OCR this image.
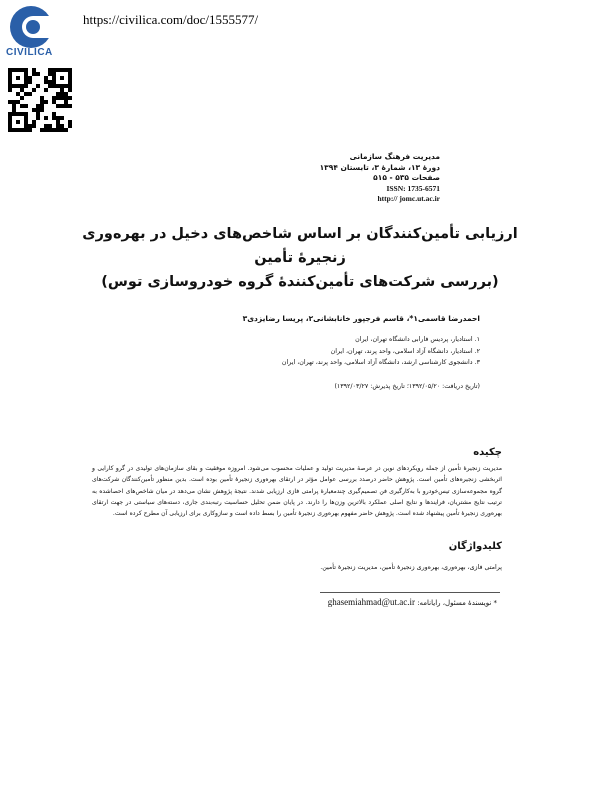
CIVILICA
https://civilica.com/doc/1555577/
مدیریت فرهنگ سازمانی
دورۀ ۱۳، شمارۀ ۳، تابستان ۱۳۹۴
صفحات ۵۳۵ - ۵۱۵
ISSN: 1735-6571
http:// jomc.ut.ac.ir
ارزیابی تأمین‌کنندگان بر اساس شاخص‌های دخیل در بهره‌وری
زنجیرۀ تأمین
(بررسی شرکت‌های تأمین‌کنندۀ گروه خودروسازی توس)
احمدرضا قاسمی۱*، قاسم فرجپور خانابشانی۲، پریسا رضایزدی۳
۱. استادیار، پردیس فارابی دانشگاه تهران، ایران
۲. استادیار، دانشگاه آزاد اسلامی، واحد پرند، تهران، ایران
۳. دانشجوی کارشناسی ارشد، دانشگاه آزاد اسلامی، واحد پرند، تهران، ایران
(تاریخ دریافت: ۱۳۹۲/۰۵/۲۰؛ تاریخ پذیرش: ۱۳۹۲/۰۳/۲۷)
چکیده
مدیریت زنجیرۀ تأمین از جمله رویکردهای نوین در عرصۀ مدیریت تولید و عملیات محسوب می‌شود. امروزه موفقیت و بقای سازمان‌های تولیدی در گرو کارایی و اثربخشی زنجیره‌های تأمین است. پژوهش حاضر درصدد بررسی عوامل مؤثر در ارتقای بهره‌وری زنجیرۀ تأمین بوده است. بدین منظور تأمین‌کنندگان شرکت‌های گروه مجموعه‌سازی تیس‌خودرو با به‌کارگیری فن تصمیم‌گیری چندمعیارۀ پرامتی فازی ارزیابی شدند. نتیجۀ پژوهش نشان می‌دهد در میان شاخص‌های احصاشده به ترتیب نتایج مشتریان، فرایندها و نتایج اصلی عملکرد بالاترین وزن‌ها را دارند. در پایان ضمن تحلیل حساسیت رتبه‌بندی جاری، دسته‌های سیاستی در جهت ارتقای بهره‌وری زنجیرۀ تأمین پیشنهاد شده است. پژوهش حاضر مفهوم بهره‌وری زنجیرۀ تأمین را بسط داده است و سازوکاری برای ارزیابی آن مطرح کرده است.
کلیدواژگان
پرامتی فازی، بهره‌وری، بهره‌وری زنجیرۀ تأمین، مدیریت زنجیرۀ تأمین.
* نویسندۀ مسئول، رایانامه: ghasemiahmad@ut.ac.ir
